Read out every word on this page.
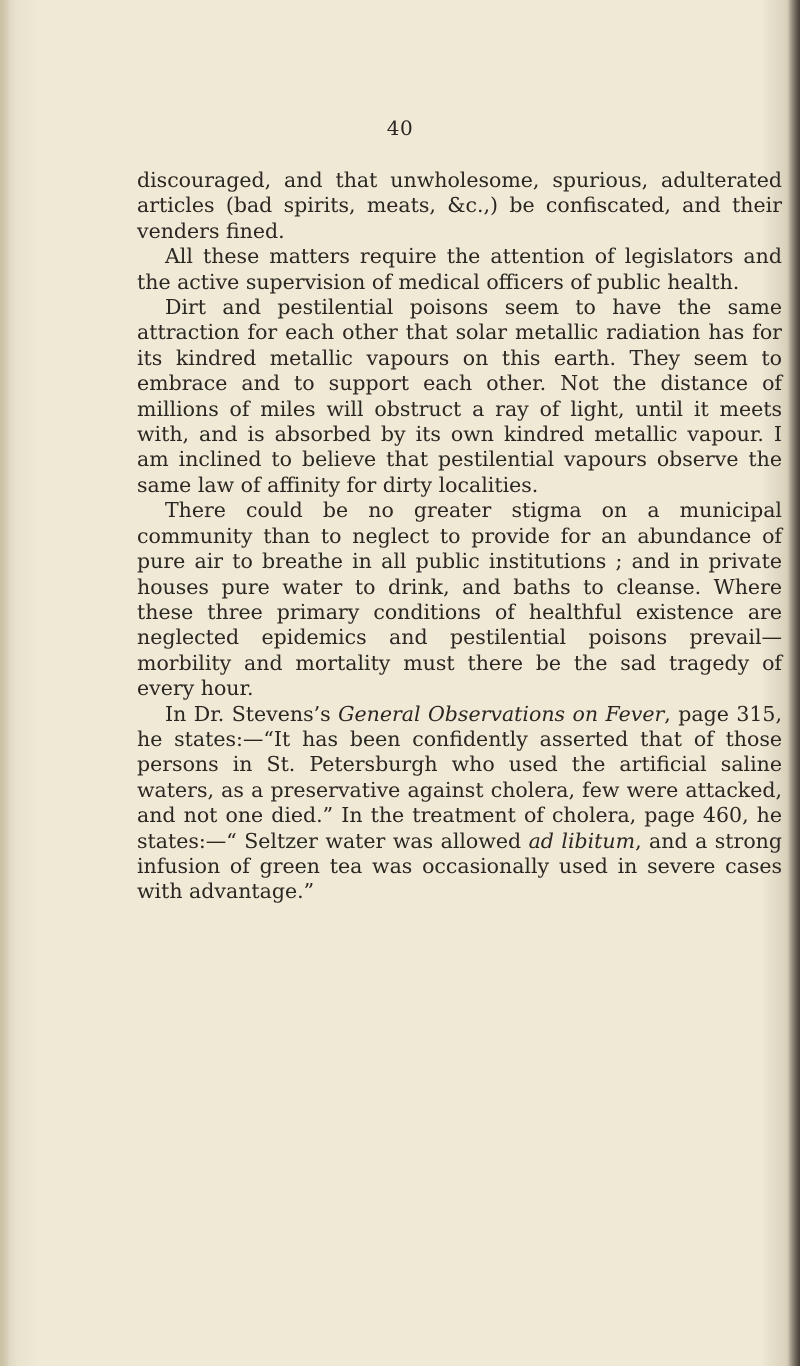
40

discouraged, and that unwholesome, spurious, adulterated articles (bad spirits, meats, &c.,) be confiscated, and their venders fined.

All these matters require the attention of legislators and the active supervision of medical officers of public health.

Dirt and pestilential poisons seem to have the same attraction for each other that solar metallic radiation has for its kindred metallic vapours on this earth. They seem to embrace and to support each other. Not the distance of millions of miles will obstruct a ray of light, until it meets with, and is absorbed by its own kindred metallic vapour. I am inclined to believe that pestilential vapours observe the same law of affinity for dirty localities.

There could be no greater stigma on a municipal community than to neglect to provide for an abundance of pure air to breathe in all public institutions ; and in private houses pure water to drink, and baths to cleanse. Where these three primary conditions of healthful existence are neglected epidemics and pestilential poisons prevail—morbility and mortality must there be the sad tragedy of every hour.

In Dr. Stevens’s General Observations on Fever, page 315, he states:—“It has been confidently asserted that of those persons in St. Petersburgh who used the artificial saline waters, as a preservative against cholera, few were attacked, and not one died.” In the treatment of cholera, page 460, he states:—“ Seltzer water was allowed ad libitum, and a strong infusion of green tea was occasionally used in severe cases with advantage.”
